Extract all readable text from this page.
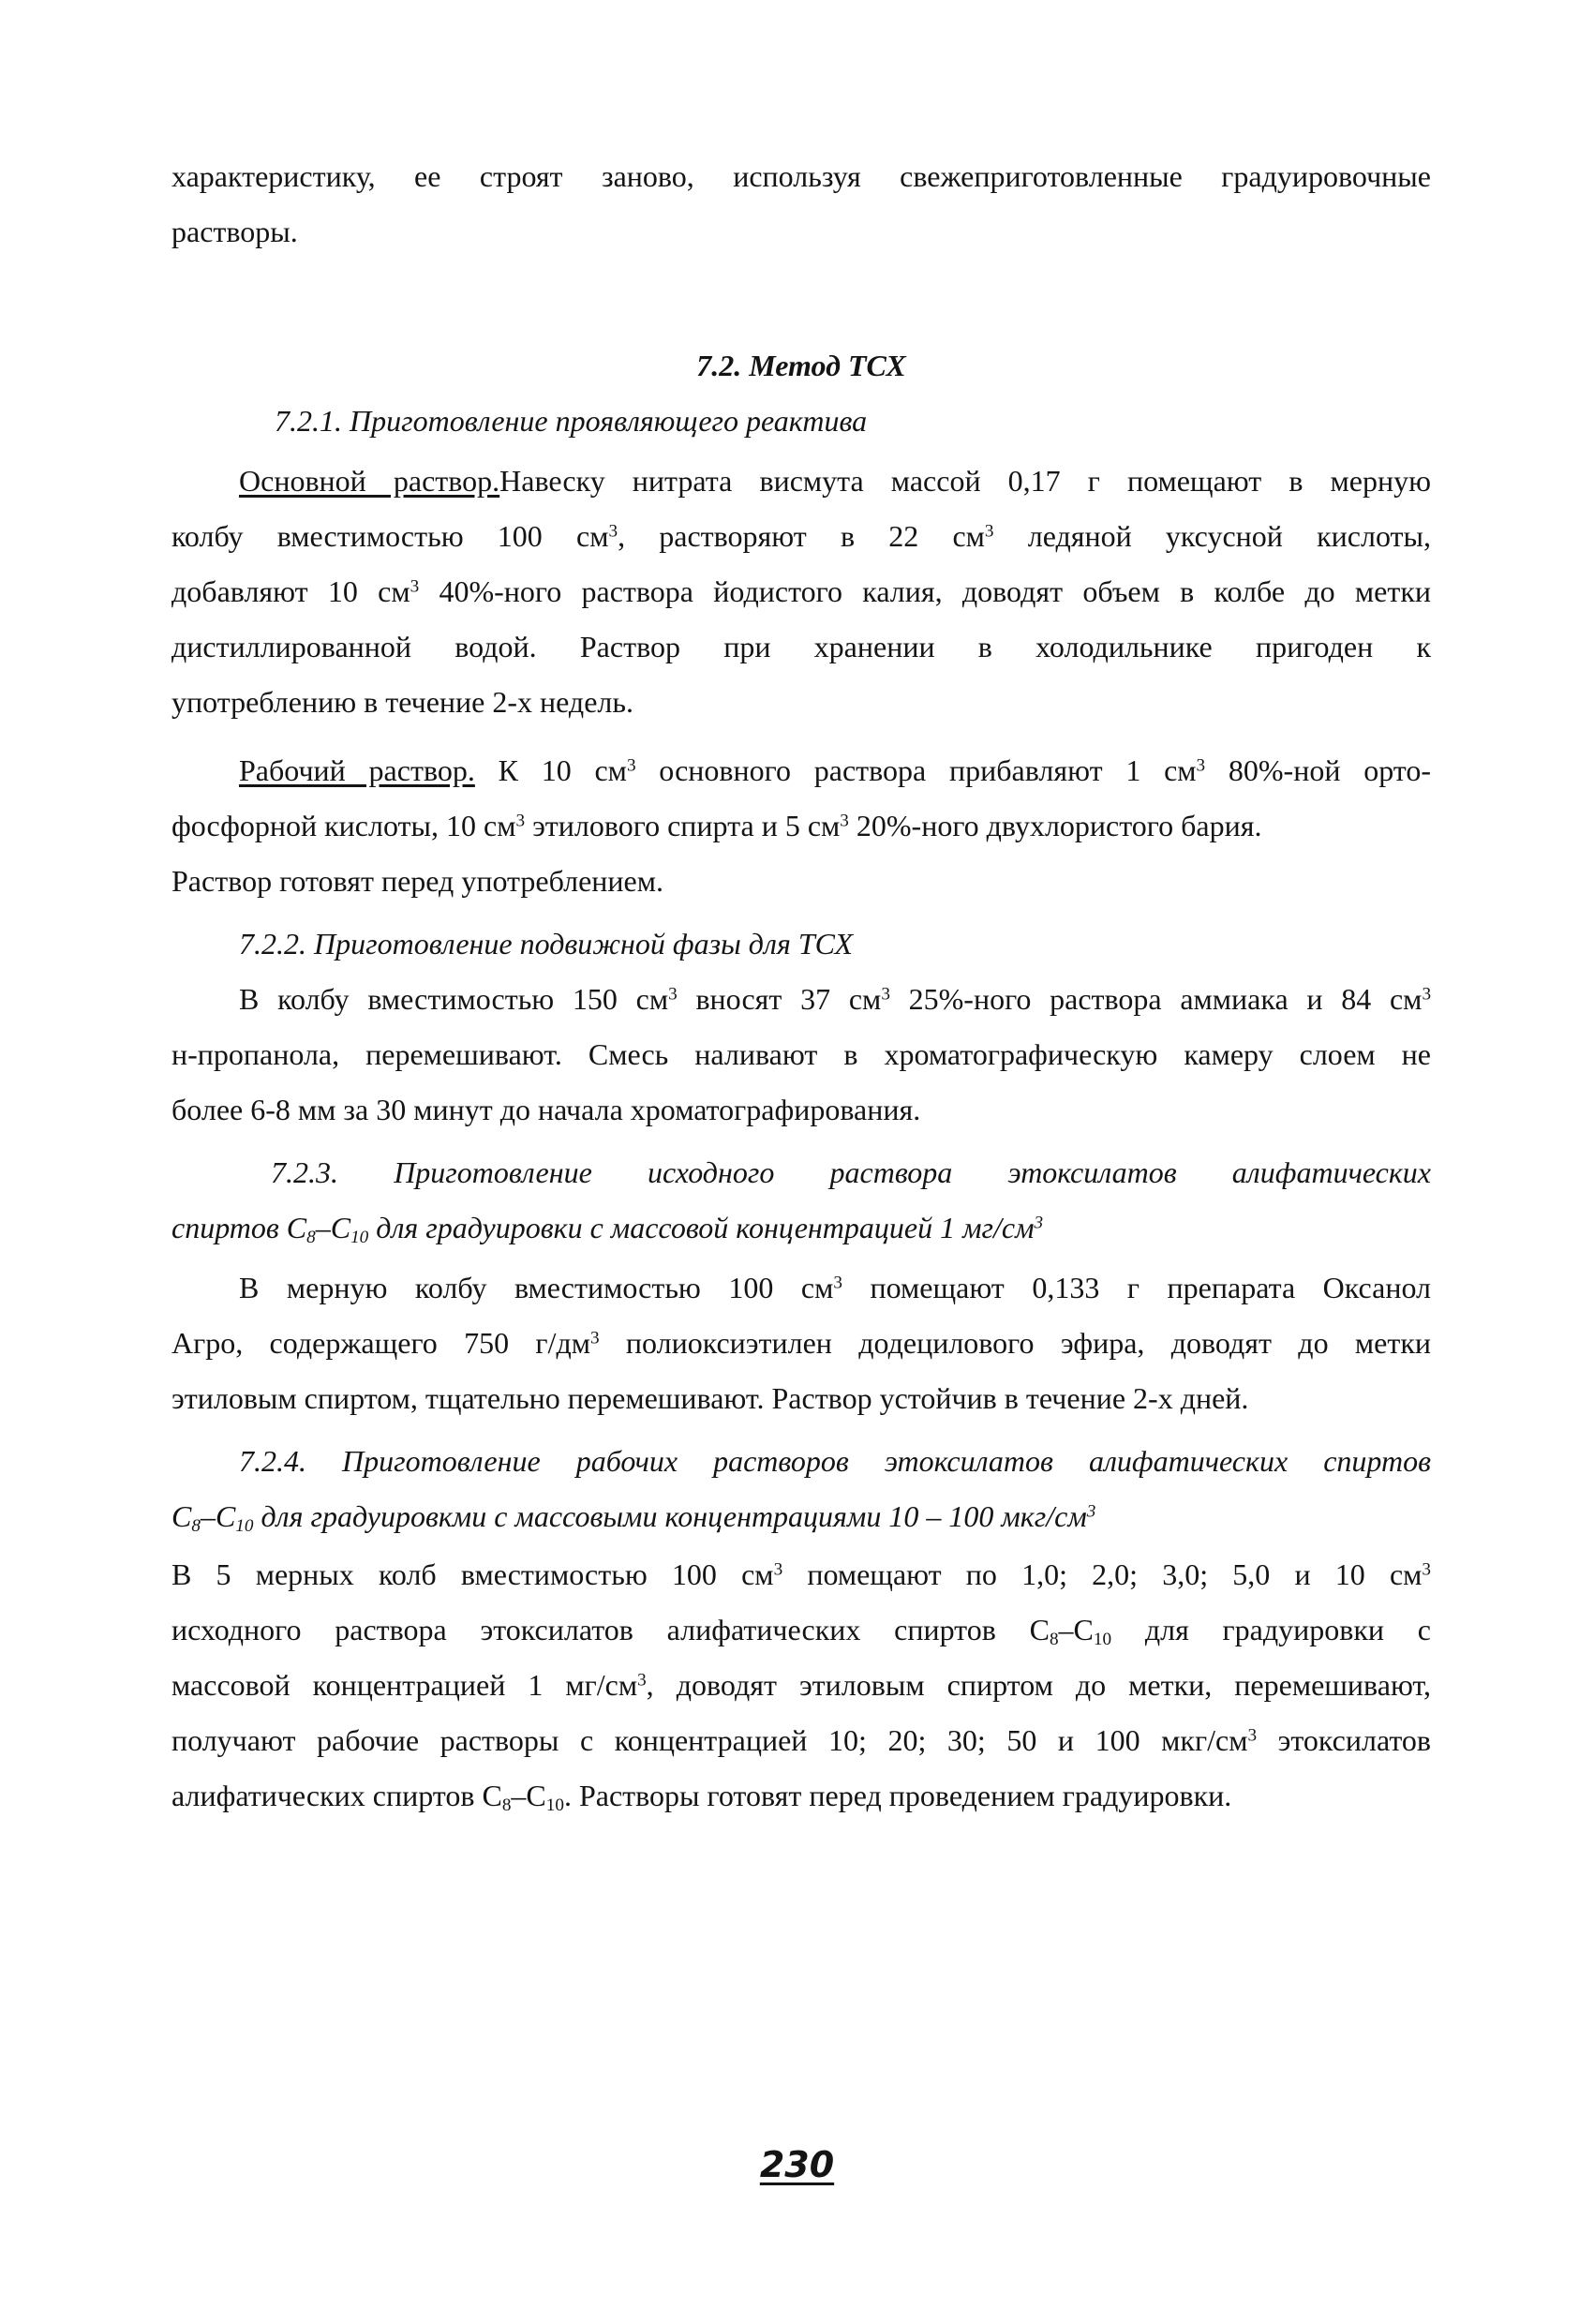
характеристику, ее строят заново, используя свежеприготовленные градуировочные
растворы.
7.2. Метод ТСХ
7.2.1. Приготовление проявляющего реактива
Основной раствор.Навеску нитрата висмута массой 0,17 г помещают в мерную
колбу вместимостью 100 $см^3$, растворяют в 22 $см^3$ ледяной уксусной кислоты,
добавляют 10 $см^3$ 40%-ного раствора йодистого калия, доводят объем в колбе до метки
дистиллированной водой. Раствор при хранении в холодильнике пригоден к
употреблению в течение 2-х недель.
Рабочий раствор. К 10 $см^3$ основного раствора прибавляют 1 $см^3$ 80%-ной орто-
фосфорной кислоты, 10 $см^3$ этилового спирта и 5 $см^3$ 20%-ного двухлористого бария.
Раствор готовят перед употреблением.
7.2.2. Приготовление подвижной фазы для ТСХ
В колбу вместимостью 150 $см^3$ вносят 37 $см^3$ 25%-ного раствора аммиака и 84 $см^3$
н-пропанола, перемешивают. Смесь наливают в хроматографическую камеру слоем не
более 6-8 мм за 30 минут до начала хроматографирования.
7.2.3. Приготовление исходного раствора этоксилатов алифатических
спиртов $C_8-C_{10}$ для градуировки с массовой концентрацией 1 $мг/см^3$
В мерную колбу вместимостью 100 $см^3$ помещают 0,133 г препарата Оксанол
Агро, содержащего 750 $г/дм^3$ полиоксиэтилен додецилового эфира, доводят до метки
этиловым спиртом, тщательно перемешивают. Раствор устойчив в течение 2-х дней.
7.2.4. Приготовление рабочих растворов этоксилатов алифатических спиртов
$C_8-C_{10}$ для градуировкми с массовыми концентрациями 10 – 100 мкг/$см^3$
В 5 мерных колб вместимостью 100 $см^3$ помещают по 1,0; 2,0; 3,0; 5,0 и 10 $см^3$
исходного раствора этоксилатов алифатических спиртов $C_8-C_{10}$ для градуировки с
массовой концентрацией 1 $мг/см^3$, доводят этиловым спиртом до метки, перемешивают,
получают рабочие растворы с концентрацией 10; 20; 30; 50 и 100 мкг/$см^3$ этоксилатов
алифатических спиртов $C_8-C_{10}$. Растворы готовят перед проведением градуировки.
230
